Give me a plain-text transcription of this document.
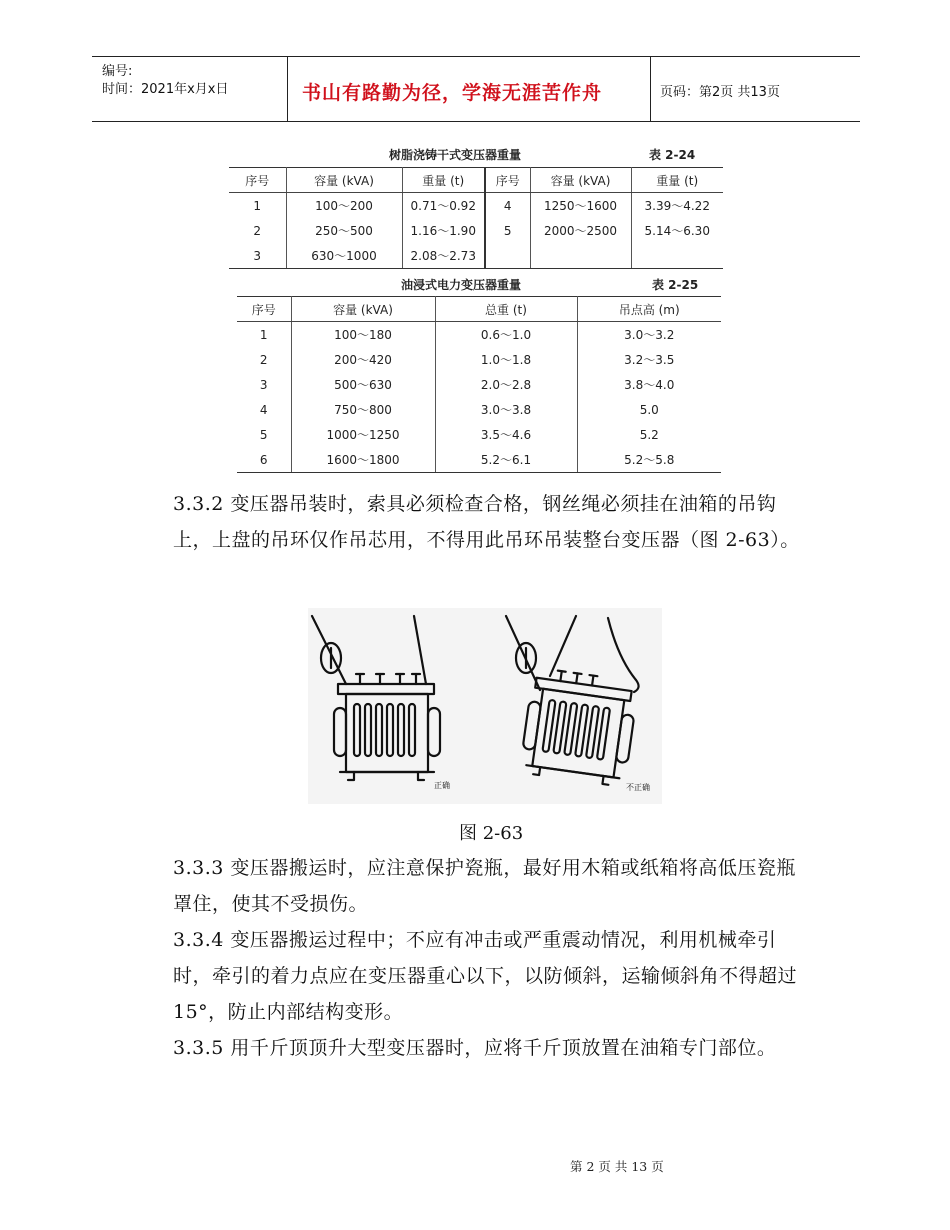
编号:
时间：2021年x月x日	书山有路勤为径，学海无涯苦作舟	页码：第2页 共13页
树脂浇铸干式变压器重量	表 2-24
序号	容量 (kVA)	重量 (t)	序号	容量 (kVA)	重量 (t)
1	100～200	0.71～0.92	4	1250～1600	3.39～4.22
2	250～500	1.16～1.90	5	2000～2500	5.14～6.30
3	630～1000	2.08～2.73			
油浸式电力变压器重量	表 2-25
序号	容量 (kVA)	总重 (t)	吊点高 (m)
1	100～180	0.6～1.0	3.0～3.2
2	200～420	1.0～1.8	3.2～3.5
3	500～630	2.0～2.8	3.8～4.0
4	750～800	3.0～3.8	5.0
5	1000～1250	3.5～4.6	5.2
6	1600～1800	5.2～6.1	5.2～5.8
3.3.2 变压器吊装时，索具必须检查合格，钢丝绳必须挂在油箱的吊钩上，上盘的吊环仅作吊芯用，不得用此吊环吊装整台变压器（图 2-63）。
正确	不正确
图 2-63
3.3.3 变压器搬运时，应注意保护瓷瓶，最好用木箱或纸箱将高低压瓷瓶罩住，使其不受损伤。
3.3.4 变压器搬运过程中；不应有冲击或严重震动情况，利用机械牵引时，牵引的着力点应在变压器重心以下，以防倾斜，运输倾斜角不得超过 15°，防止内部结构变形。
3.3.5 用千斤顶顶升大型变压器时，应将千斤顶放置在油箱专门部位。
第 2 页 共 13 页
